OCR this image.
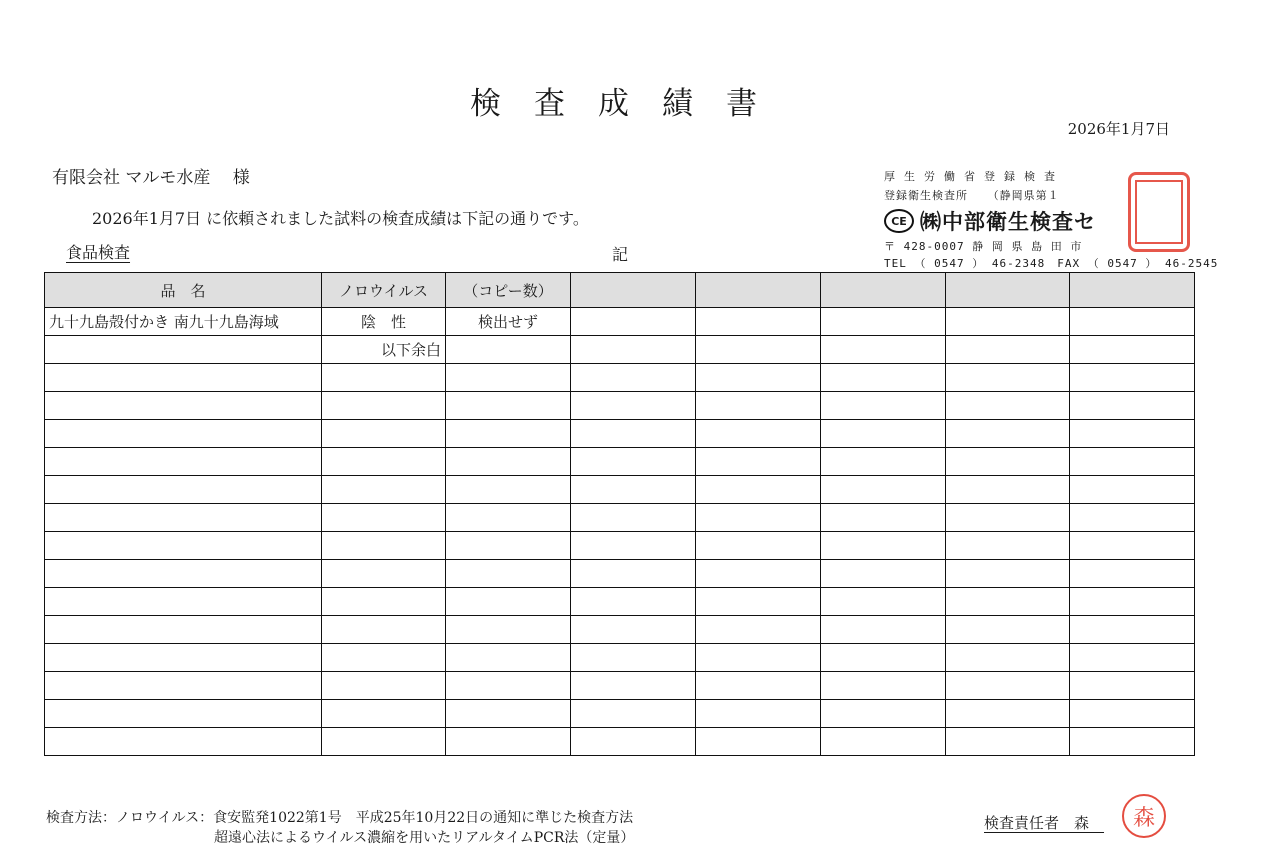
検査成績書
2026年1月7日
有限会社 マルモ水産　 様
2026年1月7日 に依頼されました試料の検査成績は下記の通りです。
食品検査	記
厚生労働省登録検査
登録衛生検査所　 （静岡県第１
CE ㈱中部衛生検査セ
〒 428-0007 静 岡 県 島 田 市
TEL （ 0547 ） 46-2348　FAX （ 0547 ） 46-2545
品　名	ノロウイルス	（コピー数）					
九十九島殻付かき 南九十九島海域	陰　性	検出せず					
	以下余白						

検査方法：ノロウイルス：食安監発1022第1号　平成25年10月22日の通知に準じた検査方法
超遠心法によるウイルス濃縮を用いたリアルタイムPCR法（定量）
検査責任者　森　	森
